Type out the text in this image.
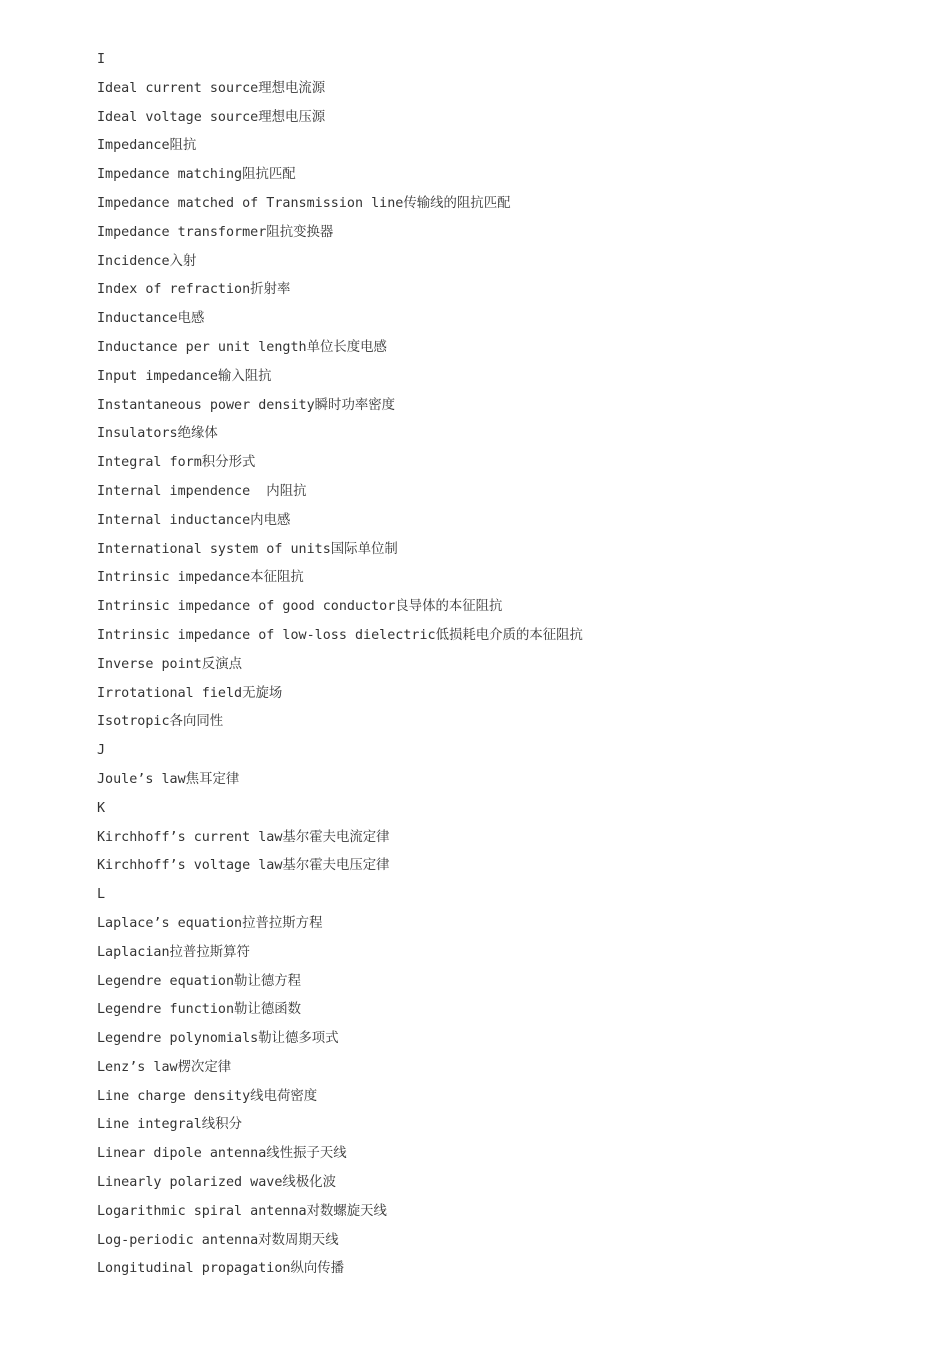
I
Ideal current source理想电流源
Ideal voltage source理想电压源
Impedance阻抗
Impedance matching阻抗匹配
Impedance matched of Transmission line传输线的阻抗匹配
Impedance transformer阻抗变换器
Incidence入射
Index of refraction折射率
Inductance电感
Inductance per unit length单位长度电感
Input impedance输入阻抗
Instantaneous power density瞬时功率密度
Insulators绝缘体
Integral form积分形式
Internal impendence  内阻抗
Internal inductance内电感
International system of units国际单位制
Intrinsic impedance本征阻抗
Intrinsic impedance of good conductor良导体的本征阻抗
Intrinsic impedance of low-loss dielectric低损耗电介质的本征阻抗
Inverse point反演点
Irrotational field无旋场
Isotropic各向同性
J
Joule’s law焦耳定律
K
Kirchhoff’s current law基尔霍夫电流定律
Kirchhoff’s voltage law基尔霍夫电压定律
L
Laplace’s equation拉普拉斯方程
Laplacian拉普拉斯算符
Legendre equation勒让德方程
Legendre function勒让德函数
Legendre polynomials勒让德多项式
Lenz’s law楞次定律
Line charge density线电荷密度
Line integral线积分
Linear dipole antenna线性振子天线
Linearly polarized wave线极化波
Logarithmic spiral antenna对数螺旋天线
Log-periodic antenna对数周期天线
Longitudinal propagation纵向传播
